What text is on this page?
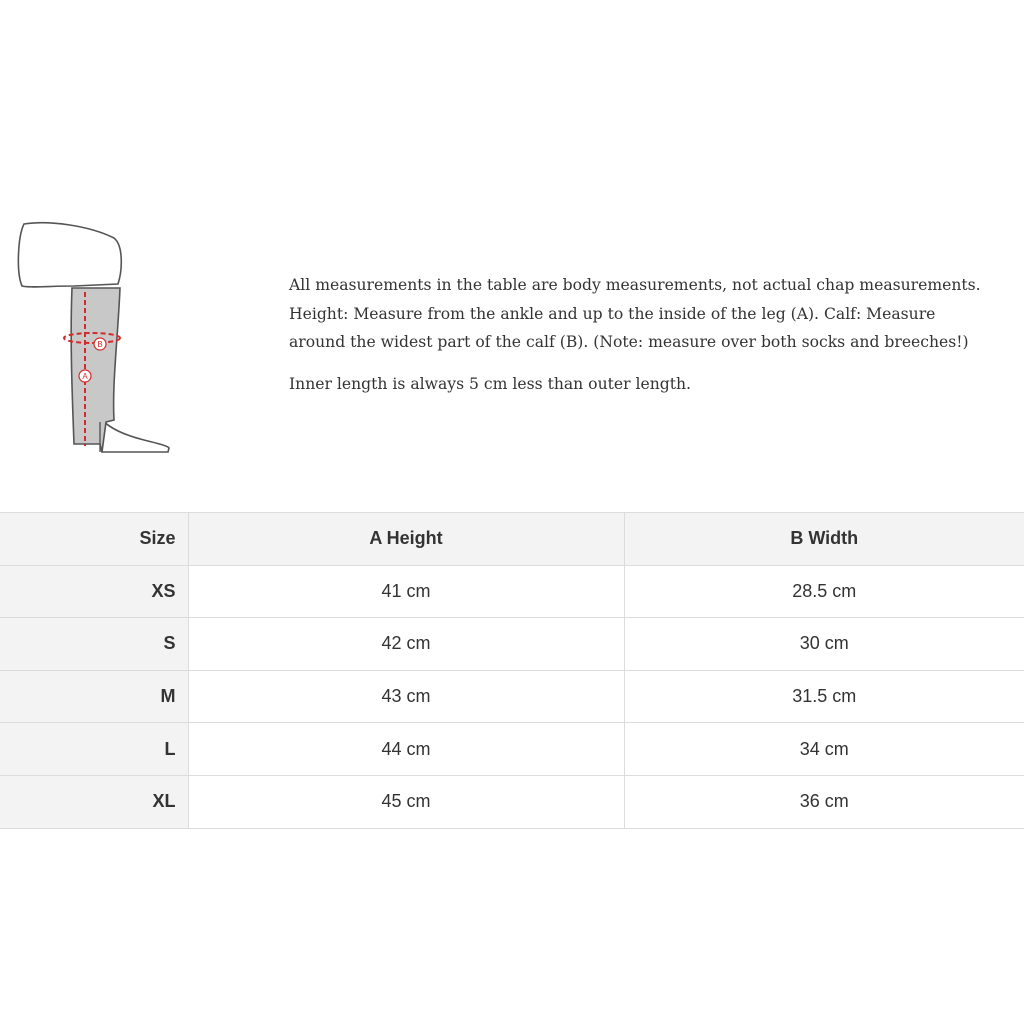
A
B

All measurements in the table are body measurements, not actual chap measurements.

Height: Measure from the ankle and up to the inside of the leg (A). Calf: Measure

around the widest part of the calf (B). (Note: measure over both socks and breeches!)

Inner length is always 5 cm less than outer length.

Size	A Height	B Width
XS	41 cm	28.5 cm
S	42 cm	30 cm
M	43 cm	31.5 cm
L	44 cm	34 cm
XL	45 cm	36 cm
